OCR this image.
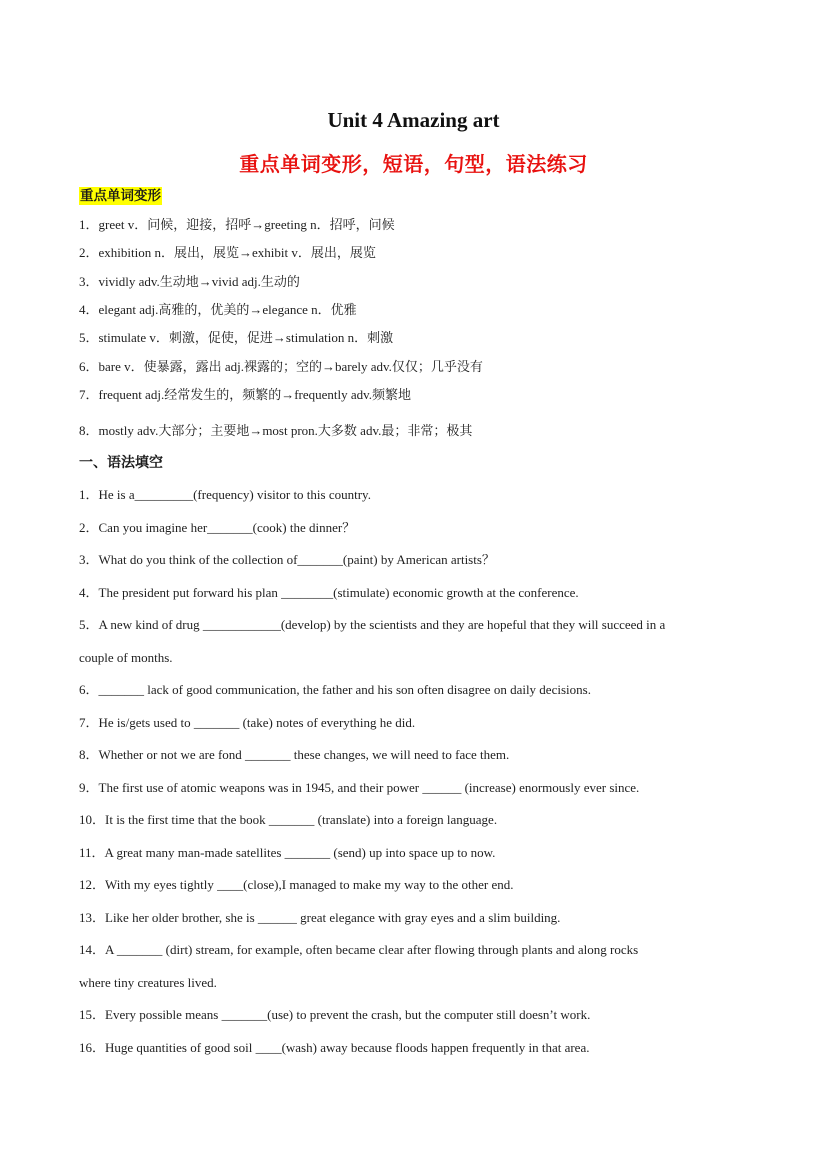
Unit 4 Amazing art
重点单词变形，短语，句型，语法练习
重点单词变形
1．greet v．问候，迎接，招呼→greeting n．招呼，问候
2．exhibition n．展出，展览→exhibit v．展出，展览
3．vividly adv.生动地→vivid adj.生动的
4．elegant adj.高雅的，优美的→elegance n．优雅
5．stimulate v．刺激，促使，促进→stimulation n．刺激
6．bare v．使暴露，露出 adj.裸露的；空的→barely adv.仅仅；几乎没有
7．frequent adj.经常发生的，频繁的→frequently adv.频繁地
8．mostly adv.大部分；主要地→most pron.大多数 adv.最；非常；极其
一、语法填空
1．He is a_________(frequency) visitor to this country.
2．Can you imagine her_______(cook) the dinner？
3．What do you think of the collection of_______(paint) by American artists？
4．The president put forward his plan ________(stimulate) economic growth at the conference.
5．A new kind of drug ____________(develop) by the scientists and they are hopeful that they will succeed in a
couple of months.
6．_______ lack of good communication, the father and his son often disagree on daily decisions.
7．He is/gets used to _______ (take) notes of everything he did.
8．Whether or not we are fond _______ these changes, we will need to face them.
9．The first use of atomic weapons was in 1945, and their power ______ (increase) enormously ever since.
10．It is the first time that the book _______ (translate) into a foreign language.
11．A great many man-made satellites _______ (send) up into space up to now.
12．With my eyes tightly ____(close),I managed to make my way to the other end.
13．Like her older brother, she is ______ great elegance with gray eyes and a slim building.
14．A _______ (dirt) stream, for example, often became clear after flowing through plants and along rocks
where tiny creatures lived.
15．Every possible means _______(use) to prevent the crash, but the computer still doesn’t work.
16．Huge quantities of good soil ____(wash) away because floods happen frequently in that area.
